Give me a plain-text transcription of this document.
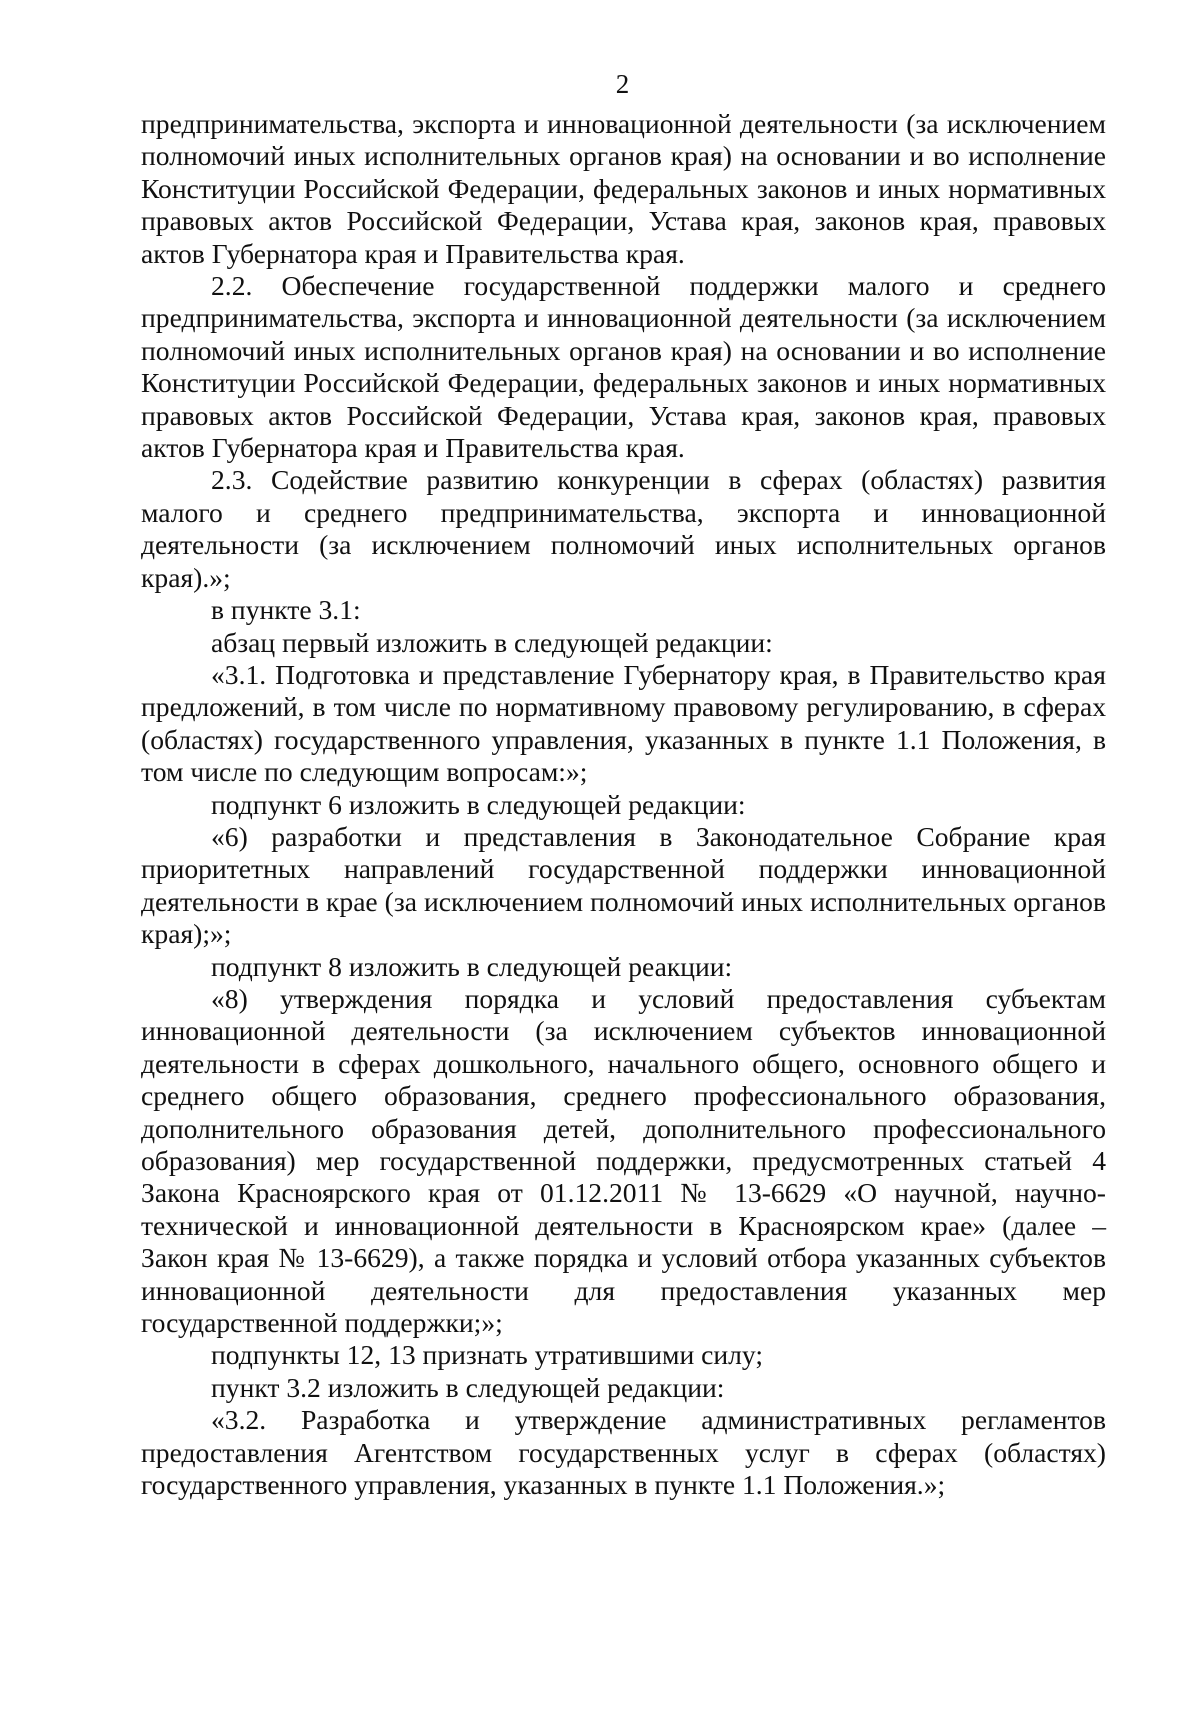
2

предпринимательства, экспорта и инновационной деятельности (за исключением полномочий иных исполнительных органов края) на основании и во исполнение Конституции Российской Федерации, федеральных законов и иных нормативных правовых актов Российской Федерации, Устава края, законов края, правовых актов Губернатора края и Правительства края.

2.2. Обеспечение государственной поддержки малого и среднего предпринимательства, экспорта и инновационной деятельности (за исключением полномочий иных исполнительных органов края) на основании и во исполнение Конституции Российской Федерации, федеральных законов и иных нормативных правовых актов Российской Федерации, Устава края, законов края, правовых актов Губернатора края и Правительства края.

2.3. Содействие развитию конкуренции в сферах (областях) развития малого и среднего предпринимательства, экспорта и инновационной деятельности (за исключением полномочий иных исполнительных органов края).»;

в пункте 3.1:

абзац первый изложить в следующей редакции:

«3.1. Подготовка и представление Губернатору края, в Правительство края предложений, в том числе по нормативному правовому регулированию, в сферах (областях) государственного управления, указанных в пункте 1.1 Положения, в том числе по следующим вопросам:»;

подпункт 6 изложить в следующей редакции:

«6) разработки и представления в Законодательное Собрание края приоритетных направлений государственной поддержки инновационной деятельности в крае (за исключением полномочий иных исполнительных органов края);»;

подпункт 8 изложить в следующей реакции:

«8) утверждения порядка и условий предоставления субъектам инновационной деятельности (за исключением субъектов инновационной деятельности в сферах дошкольного, начального общего, основного общего и среднего общего образования, среднего профессионального образования, дополнительного образования детей, дополнительного профессионального образования) мер государственной поддержки, предусмотренных статьей 4 Закона Красноярского края от 01.12.2011 № 13-6629 «О научной, научно-технической и инновационной деятельности в Красноярском крае» (далее – Закон края № 13-6629), а также порядка и условий отбора указанных субъектов инновационной деятельности для предоставления указанных мер государственной поддержки;»;

подпункты 12, 13 признать утратившими силу;

пункт 3.2 изложить в следующей редакции:

«3.2. Разработка и утверждение административных регламентов предоставления Агентством государственных услуг в сферах (областях) государственного управления, указанных в пункте 1.1 Положения.»;
